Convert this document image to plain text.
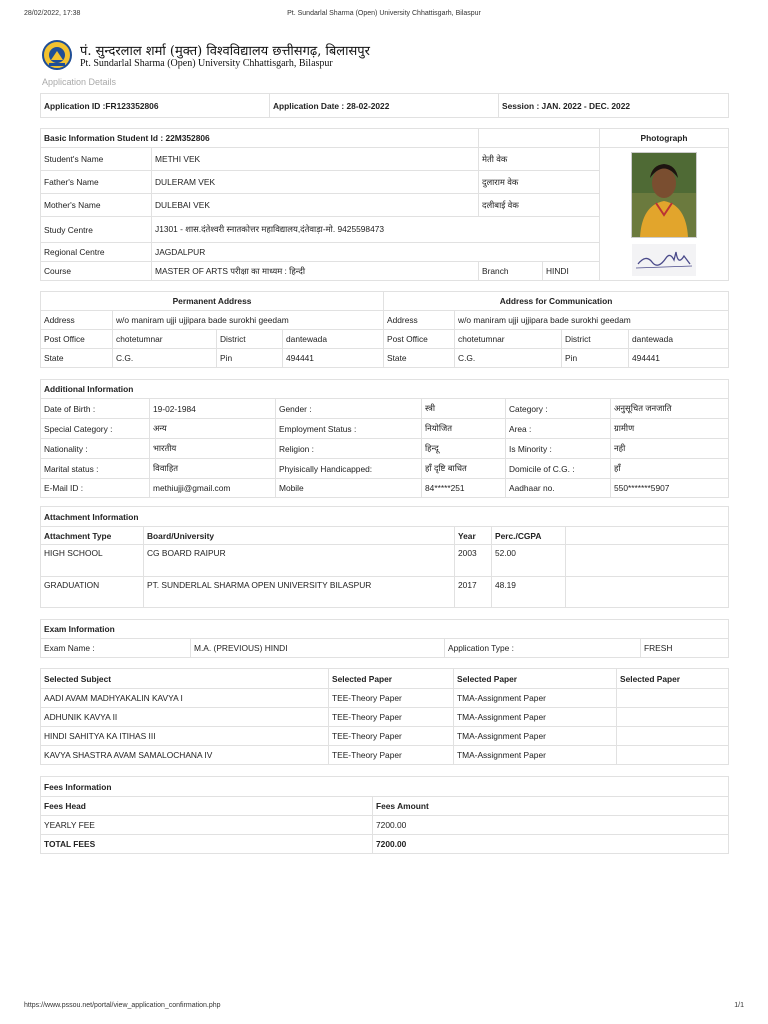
28/02/2022, 17:38	Pt. Sundarlal Sharma (Open) University Chhattisgarh, Bilaspur
पं. सुन्दरलाल शर्मा (मुक्त) विश्वविद्यालय छत्तीसगढ़, बिलासपुर
Pt. Sundarlal Sharma (Open) University Chhattisgarh, Bilaspur
Application Details
Application ID :FR123352806	Application Date : 28-02-2022	Session : JAN. 2022 - DEC. 2022
Basic Information Student Id : 22M352806				Photograph
Student's Name	METHI VEK	मेती वेक	

Father's Name	DULERAM VEK	दुलाराम वेक		
Mother's Name	DULEBAI VEK	दलीबाई वेक		
Study Centre	J1301 - शास.दंतेश्वरी स्नातकोत्तर महाविद्यालय,दंतेवाड़ा-मो. 9425598473			
Regional Centre	JAGDALPUR			
Course	MASTER OF ARTS परीक्षा का माध्यम : हिन्दी	Branch	HINDI	
Permanent Address				Address for Communication			
Address	w/o maniram ujji ujjipara bade surokhi geedam			Address	w/o maniram ujji ujjipara bade surokhi geedam		
Post Office	chotetumnar	District	dantewada	Post Office	chotetumnar	District	dantewada
State	C.G.	Pin	494441	State	C.G.	Pin	494441
Additional Information					
Date of Birth :	19-02-1984	Gender :	स्त्री	Category :	अनुसूचित जनजाति
Special Category :	अन्य	Employment Status :	नियोजित	Area :	ग्रामीण
Nationality :	भारतीय	Religion :	हिन्दू	Is Minority :	नही
Marital status :	विवाहित	Phyisically Handicapped:	हाँ दृष्टि बाधित	Domicile of C.G. :	हाँ
E-Mail ID :	methiujji@gmail.com	Mobile	84*****251	Aadhaar no.	550*******5907
Attachment Information				
Attachment Type	Board/University	Year	Perc./CGPA	
HIGH SCHOOL	CG BOARD RAIPUR	2003	52.00	
GRADUATION	PT. SUNDERLAL SHARMA OPEN UNIVERSITY BILASPUR	2017	48.19	
Exam Information
Exam Name :	M.A. (PREVIOUS) HINDI	Application Type :	FRESH
Selected Subject	Selected Paper	Selected Paper	Selected Paper
AADI AVAM MADHYAKALIN KAVYA I	TEE-Theory Paper	TMA-Assignment Paper	
ADHUNIK KAVYA II	TEE-Theory Paper	TMA-Assignment Paper	
HINDI SAHITYA KA ITIHAS III	TEE-Theory Paper	TMA-Assignment Paper	
KAVYA SHASTRA AVAM SAMALOCHANA IV	TEE-Theory Paper	TMA-Assignment Paper	
Fees Information	
Fees Head	Fees Amount
YEARLY FEE	7200.00
TOTAL FEES	7200.00
https://www.pssou.net/portal/view_application_confirmation.php	1/1
